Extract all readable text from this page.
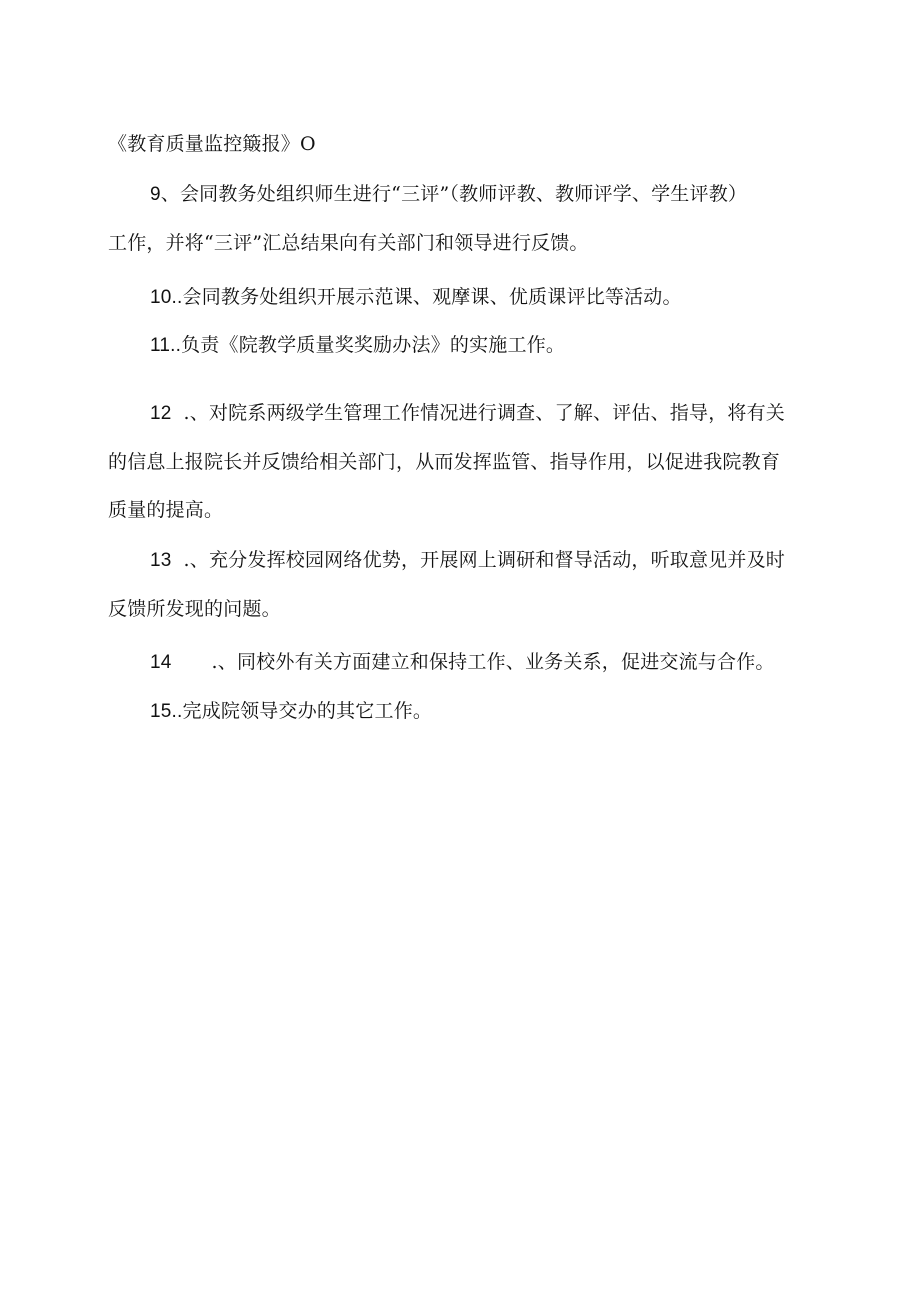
《教育质量监控簸报》O
9、会同教务处组织师生进行“三评”（教师评教、教师评学、学生评教）
工作，并将“三评”汇总结果向有关部门和领导进行反馈。
10..会同教务处组织开展示范课、观摩课、优质课评比等活动。
11..负责《院教学质量奖奖励办法》的实施工作。
12 .、对院系两级学生管理工作情况进行调查、了解、评估、指导，将有关
的信息上报院长并反馈给相关部门，从而发挥监管、指导作用，以促进我院教育
质量的提高。
13 .、充分发挥校园网络优势，开展网上调研和督导活动，听取意见并及时
反馈所发现的问题。
14 .、同校外有关方面建立和保持工作、业务关系，促进交流与合作。
15..完成院领导交办的其它工作。
